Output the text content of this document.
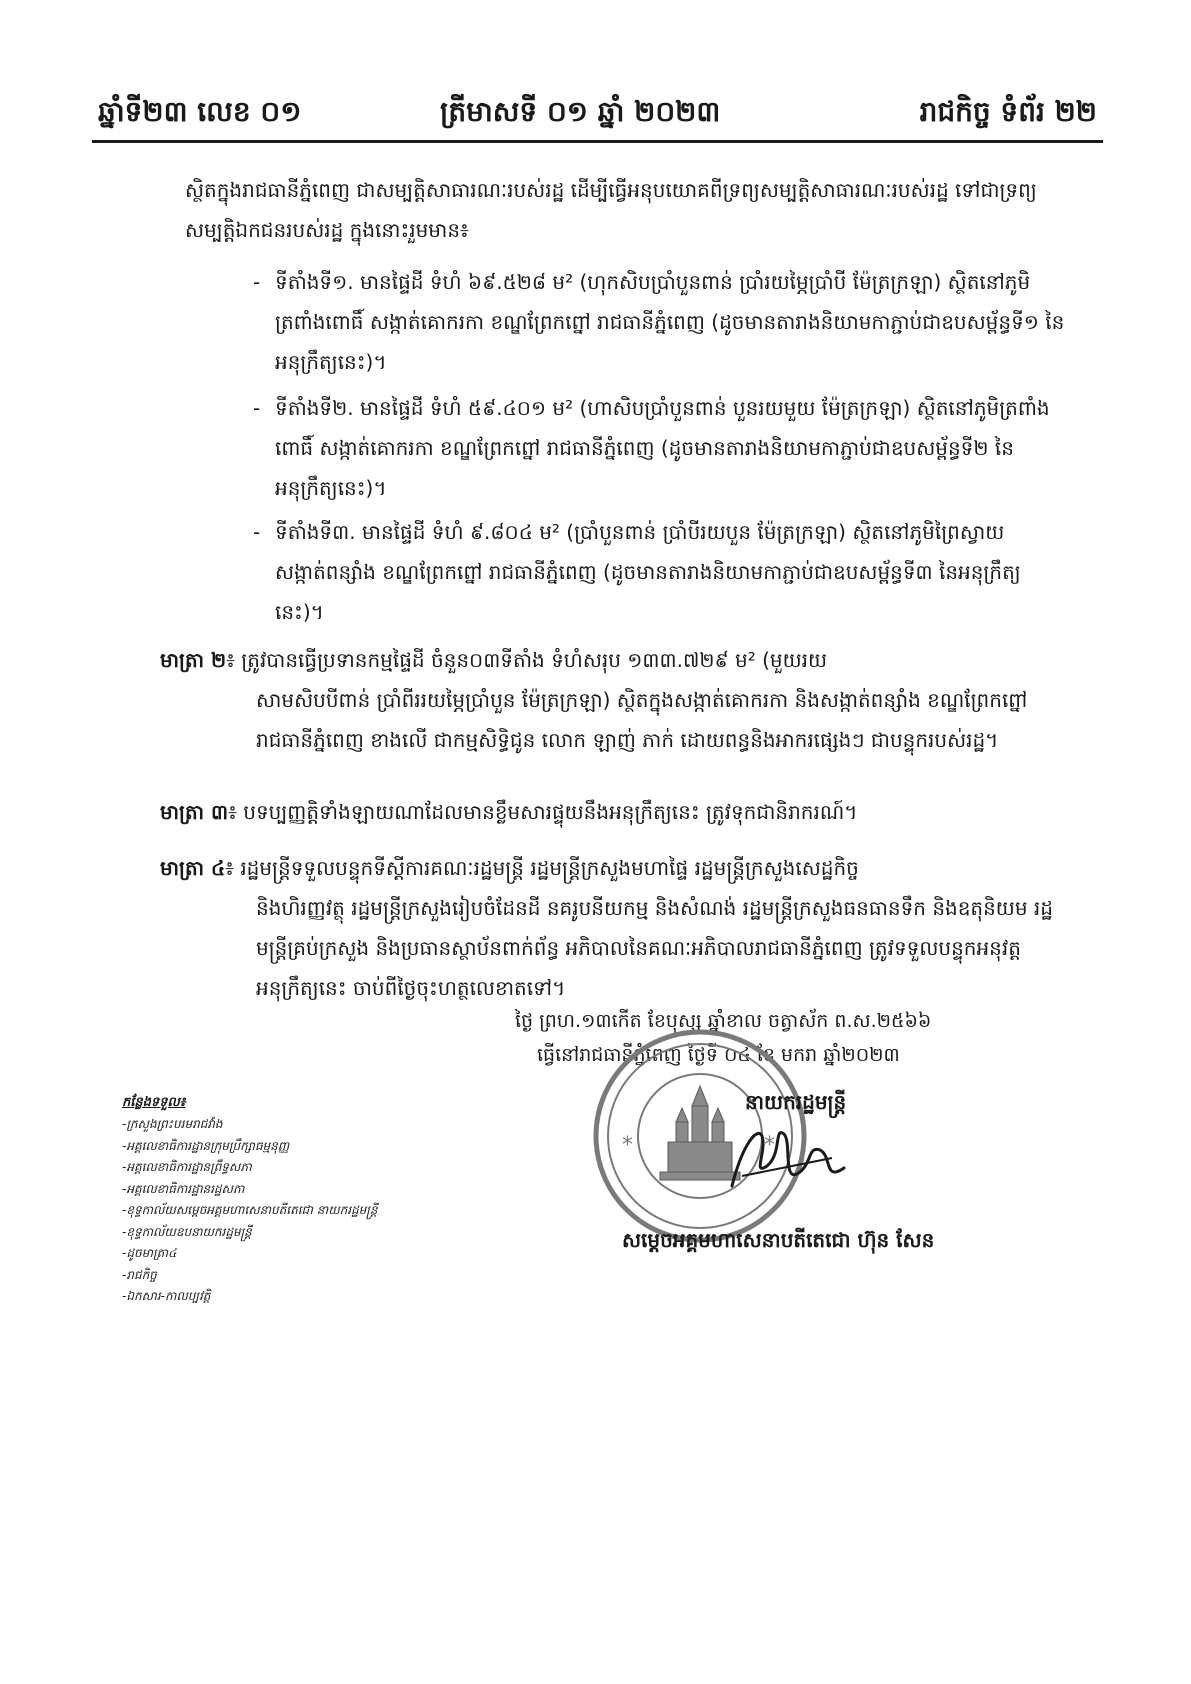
ឆ្នាំទី២៣ លេខ ០១	ត្រីមាសទី ០១ ឆ្នាំ ២០២៣	រាជកិច្ច ទំព័រ ២២
ស្ថិតក្នុងរាជធានីភ្នំពេញ ជាសម្បត្តិសាធារណៈរបស់រដ្ឋ ដើម្បីធ្វើអនុបយោគពីទ្រព្យសម្បត្តិសាធារណៈរបស់រដ្ឋ ទៅជាទ្រព្យសម្បត្តិឯកជនរបស់រដ្ឋ ក្នុងនោះរួមមាន៖
- ទីតាំងទី១. មានផ្ទៃដី ទំហំ ៦៩.៥២៨ ម² (ហុកសិបប្រាំបួនពាន់ ប្រាំរយម្ភៃប្រាំបី ម៉ែត្រក្រឡា) ស្ថិតនៅភូមិត្រពាំងពោធិ៍ សង្កាត់គោករកា ខណ្ឌព្រែកព្នៅ រាជធានីភ្នំពេញ (ដូចមានតារាងនិយាមកាភ្ជាប់ជាឧបសម្ព័ន្ធទី១ នៃអនុក្រឹត្យនេះ)។
- ទីតាំងទី២. មានផ្ទៃដី ទំហំ ៥៩.៤០១ ម² (ហាសិបប្រាំបួនពាន់ បួនរយមួយ ម៉ែត្រក្រឡា) ស្ថិតនៅភូមិត្រពាំងពោធិ៍ សង្កាត់គោករកា ខណ្ឌព្រែកព្នៅ រាជធានីភ្នំពេញ (ដូចមានតារាងនិយាមកាភ្ជាប់ជាឧបសម្ព័ន្ធទី២ នៃអនុក្រឹត្យនេះ)។
- ទីតាំងទី៣. មានផ្ទៃដី ទំហំ ៩.៨០៤ ម² (ប្រាំបួនពាន់ ប្រាំបីរយបួន ម៉ែត្រក្រឡា) ស្ថិតនៅភូមិព្រៃស្វាយ សង្កាត់ពន្សាំង ខណ្ឌព្រែកព្នៅ រាជធានីភ្នំពេញ (ដូចមានតារាងនិយាមកាភ្ជាប់ជាឧបសម្ព័ន្ធទី៣ នៃអនុក្រឹត្យនេះ)។
មាត្រា ២៖ ត្រូវបានធ្វើប្រទានកម្មផ្ទៃដី ចំនួន០៣ទីតាំង ទំហំសរុប ១៣៣.៧២៩ ម² (មួយរយ
សាមសិបបីពាន់ ប្រាំពីររយម្ភៃប្រាំបួន ម៉ែត្រក្រឡា) ស្ថិតក្នុងសង្កាត់គោករកា និងសង្កាត់ពន្សាំង ខណ្ឌព្រែកព្នៅ រាជធានីភ្នំពេញ ខាងលើ ជាកម្មសិទ្ធិជូន លោក ឡាញ់ ភាក់ ដោយពន្ធនិងអាករផ្សេងៗ ជាបន្ទុករបស់រដ្ឋ។
មាត្រា ៣៖ បទប្បញ្ញត្តិទាំងឡាយណាដែលមានខ្លឹមសារផ្ទុយនឹងអនុក្រឹត្យនេះ ត្រូវទុកជានិរាករណ៍។
មាត្រា ៤៖ រដ្ឋមន្ត្រីទទួលបន្ទុកទីស្តីការគណៈរដ្ឋមន្ត្រី រដ្ឋមន្ត្រីក្រសួងមហាផ្ទៃ រដ្ឋមន្ត្រីក្រសួងសេដ្ឋកិច្ច
និងហិរញ្ញវត្ថុ រដ្ឋមន្ត្រីក្រសួងរៀបចំដែនដី នគរូបនីយកម្ម និងសំណង់ រដ្ឋមន្ត្រីក្រសួងធនធានទឹក និងឧតុនិយម រដ្ឋមន្ត្រីគ្រប់ក្រសួង និងប្រធានស្ថាប័នពាក់ព័ន្ធ អភិបាលនៃគណៈអភិបាលរាជធានីភ្នំពេញ ត្រូវទទួលបន្ទុកអនុវត្តអនុក្រឹត្យនេះ ចាប់ពីថ្ងៃចុះហត្ថលេខាតទៅ។
ថ្ងៃ ព្រហ.១៣កើត ខែបុស្ស ឆ្នាំខាល ចត្វាស័ក ព.ស.២៥៦៦
ធ្វើនៅរាជធានីភ្នំពេញ ថ្ងៃទី ០៤ ខែ មករា ឆ្នាំ២០២៣
*	*
នាយករដ្ឋមន្ត្រី
សម្តេចអគ្គមហាសេនាបតីតេជោ ហ៊ុន សែន
កន្លែងទទួល៖
-ក្រសួងព្រះបរមរាជវាំង
-អគ្គលេខាធិការដ្ឋានក្រុមប្រឹក្សាធម្មនុញ្ញ
-អគ្គលេខាធិការដ្ឋានព្រឹទ្ធសភា
-អគ្គលេខាធិការដ្ឋានរដ្ឋសភា
-ខុទ្ទកាល័យសម្តេចអគ្គមហាសេនាបតីតេជោ នាយករដ្ឋមន្ត្រី
-ខុទ្ទកាល័យឧបនាយករដ្ឋមន្ត្រី
-ដូចមាត្រា៤
-រាជកិច្ច
-ឯកសារ-កាលប្បវត្តិ
